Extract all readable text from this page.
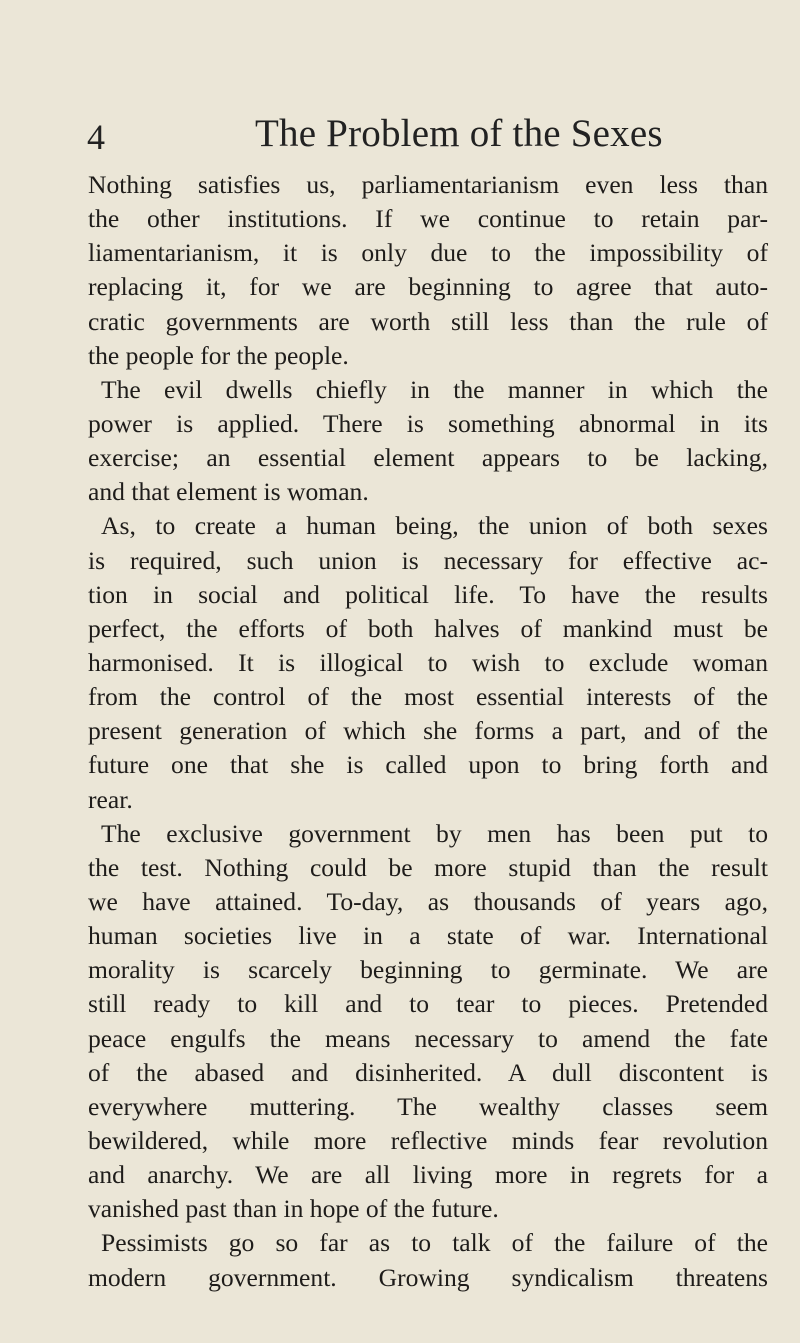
4	The Problem of the Sexes
Nothing satisfies us, parliamentarianism even less than
the other institutions. If we continue to retain par-
liamentarianism, it is only due to the impossibility of
replacing it, for we are beginning to agree that auto-
cratic governments are worth still less than the rule of
the people for the people.
The evil dwells chiefly in the manner in which the
power is applied. There is something abnormal in its
exercise; an essential element appears to be lacking,
and that element is woman.
As, to create a human being, the union of both sexes
is required, such union is necessary for effective ac-
tion in social and political life. To have the results
perfect, the efforts of both halves of mankind must be
harmonised. It is illogical to wish to exclude woman
from the control of the most essential interests of the
present generation of which she forms a part, and of the
future one that she is called upon to bring forth and
rear.
The exclusive government by men has been put to
the test. Nothing could be more stupid than the result
we have attained. To-day, as thousands of years ago,
human societies live in a state of war. International
morality is scarcely beginning to germinate. We are
still ready to kill and to tear to pieces. Pretended
peace engulfs the means necessary to amend the fate
of the abased and disinherited. A dull discontent is
everywhere muttering. The wealthy classes seem
bewildered, while more reflective minds fear revolution
and anarchy. We are all living more in regrets for a
vanished past than in hope of the future.
Pessimists go so far as to talk of the failure of the
modern government. Growing syndicalism threatens
